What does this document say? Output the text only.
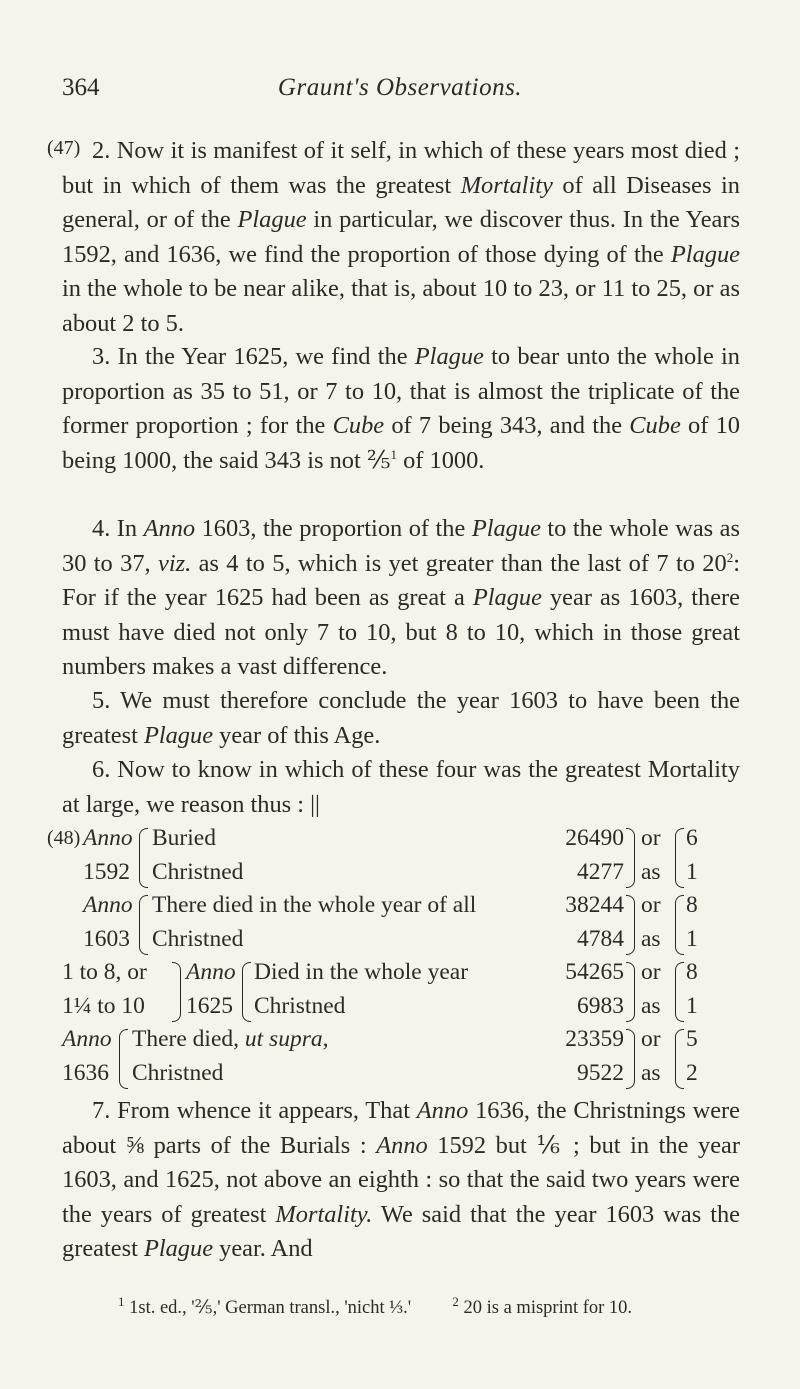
364	Graunt's Observations.
(47) 2. Now it is manifest of it self, in which of these years most died ; but in which of them was the greatest Mortality of all Diseases in general, or of the Plague in particular, we discover thus. In the Years 1592, and 1636, we find the proportion of those dying of the Plague in the whole to be near alike, that is, about 10 to 23, or 11 to 25, or as about 2 to 5.
3. In the Year 1625, we find the Plague to bear unto the whole in proportion as 35 to 51, or 7 to 10, that is almost the triplicate of the former proportion ; for the Cube of 7 being 343, and the Cube of 10 being 1000, the said 343 is not ⅖$^1$ of 1000.
4. In Anno 1603, the proportion of the Plague to the whole was as 30 to 37, viz. as 4 to 5, which is yet greater than the last of 7 to $20^2$: For if the year 1625 had been as great a Plague year as 1603, there must have died not only 7 to 10, but 8 to 10, which in those great numbers makes a vast difference.
5. We must therefore conclude the year 1603 to have been the greatest Plague year of this Age.
6. Now to know in which of these four was the greatest Mortality at large, we reason thus : ||
(48) Anno
1592
Buried
Christned
26490
4277
or
as
6
1
Anno
1603
There died in the whole year of all
Christned
38244
4784
or
as
8
1
1 to 8, or
1¼ to 10
Anno
1625
Died in the whole year
Christned
54265
6983
or
as
8
1
Anno
1636
There died, ut supra,
Christned
23359
9522
or
as
5
2
7. From whence it appears, That Anno 1636, the Christnings were about ⅝ parts of the Burials : Anno 1592 but ⅙ ; but in the year 1603, and 1625, not above an eighth : so that the said two years were the years of greatest Mortality. We said that the year 1603 was the greatest Plague year. And
$^1$ 1st. ed., '⅖,' German transl., 'nicht ⅓.'	$^2$ 20 is a misprint for 10.
